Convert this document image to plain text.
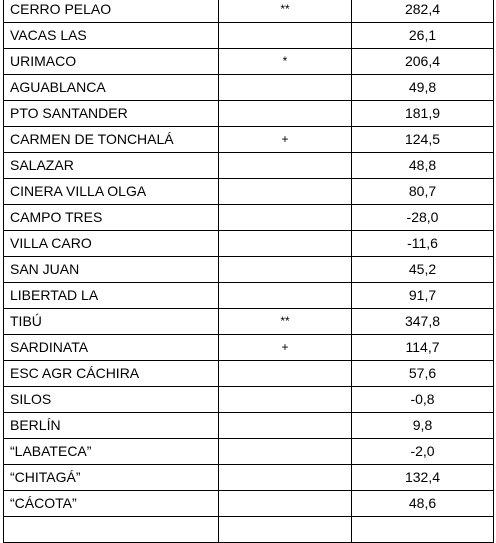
CERRO PELAO	**	282,4
VACAS LAS		26,1
URIMACO	*	206,4
AGUABLANCA		49,8
PTO SANTANDER		181,9
CARMEN DE TONCHALÁ	+	124,5
SALAZAR		48,8
CINERA VILLA OLGA		80,7
CAMPO TRES		-28,0
VILLA CARO		-11,6
SAN JUAN		45,2
LIBERTAD LA		91,7
TIBÚ	**	347,8
SARDINATA	+	114,7
ESC AGR CÁCHIRA		57,6
SILOS		-0,8
BERLÍN		9,8
“LABATECA”		-2,0
“CHITAGÁ”		132,4
“CÁCOTA”		48,6
